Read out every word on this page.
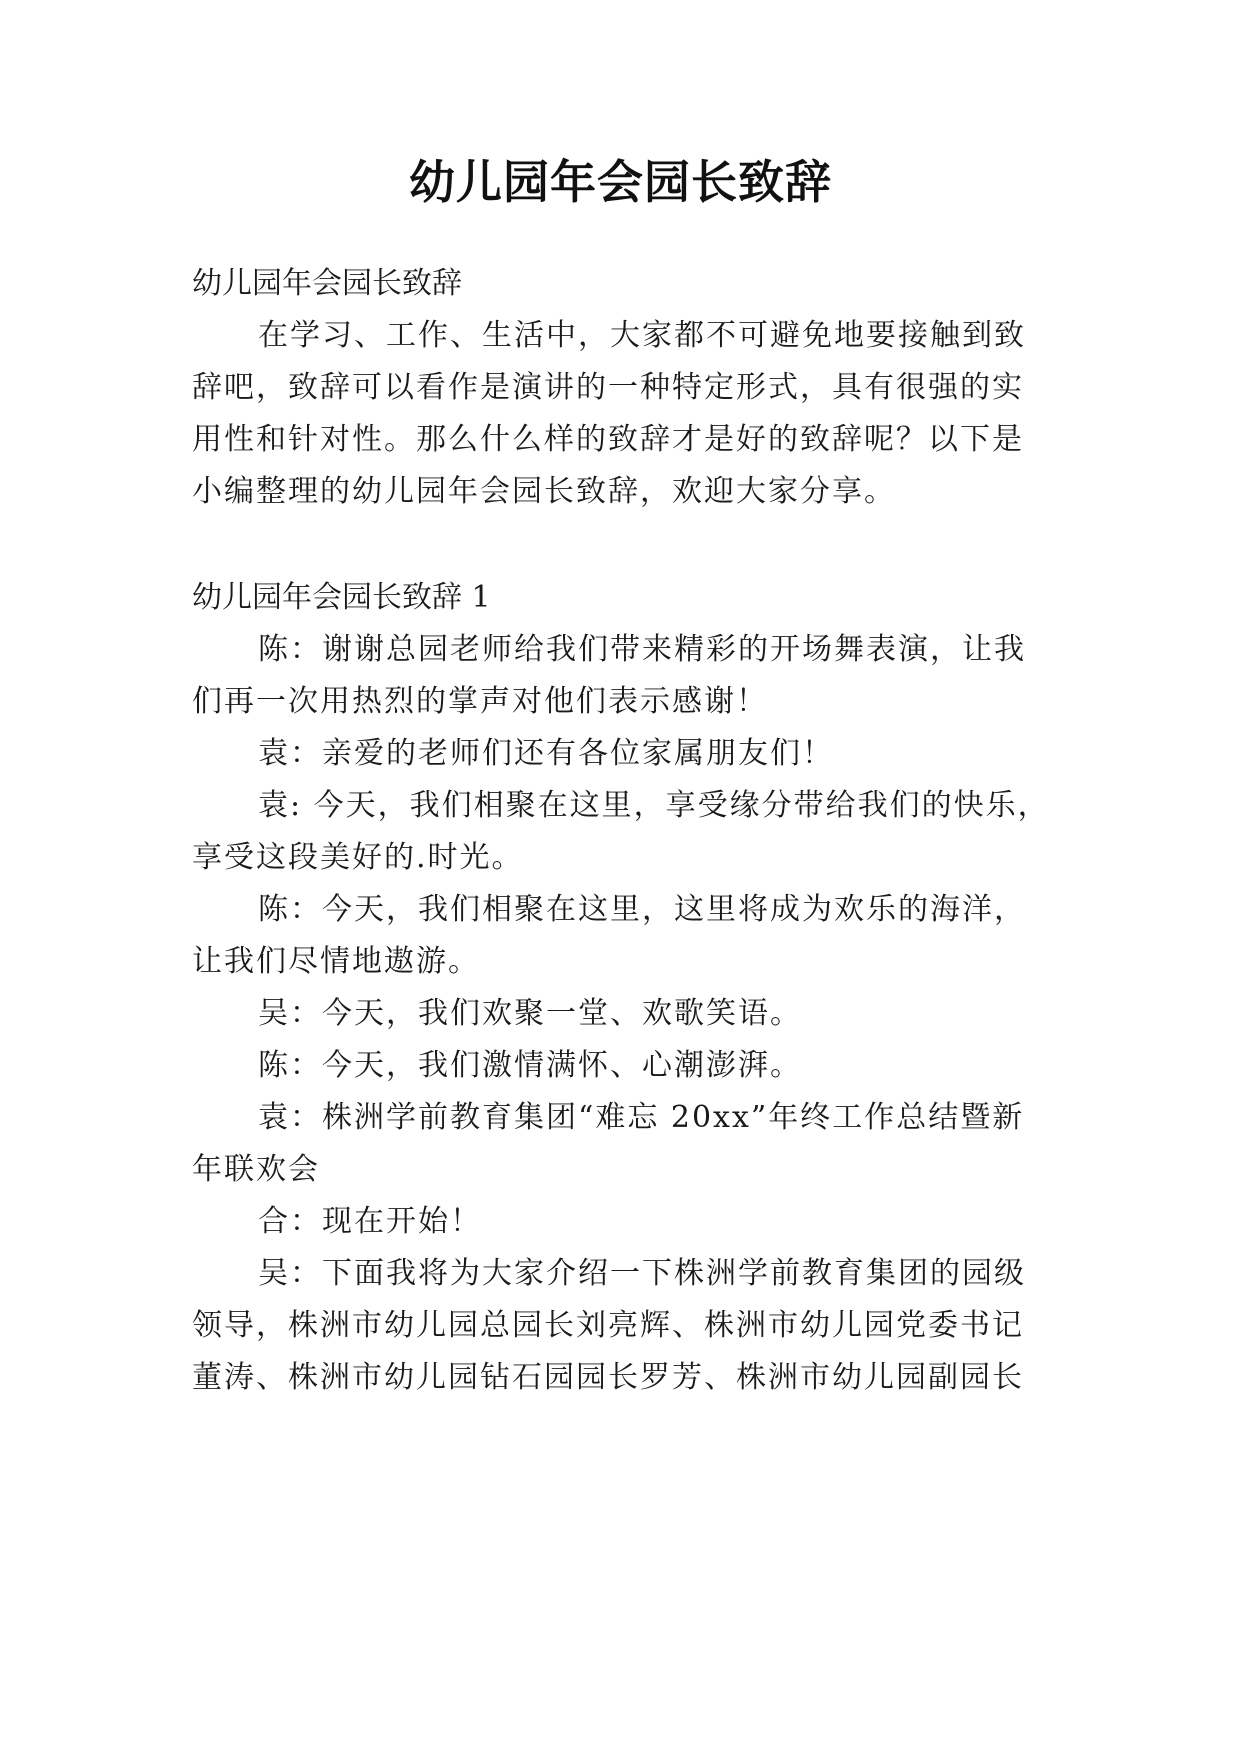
幼儿园年会园长致辞

幼儿园年会园长致辞

在学习、工作、生活中，大家都不可避免地要接触到致

辞吧，致辞可以看作是演讲的一种特定形式，具有很强的实

用性和针对性。那么什么样的致辞才是好的致辞呢？以下是

小编整理的幼儿园年会园长致辞，欢迎大家分享。

幼儿园年会园长致辞 1

陈：谢谢总园老师给我们带来精彩的开场舞表演，让我

们再一次用热烈的掌声对他们表示感谢！

袁：亲爱的老师们还有各位家属朋友们！

袁: 今天，我们相聚在这里，享受缘分带给我们的快乐，

享受这段美好的.时光。

陈：今天，我们相聚在这里，这里将成为欢乐的海洋，

让我们尽情地遨游。

吴：今天，我们欢聚一堂、欢歌笑语。

陈：今天，我们激情满怀、心潮澎湃。

袁：株洲学前教育集团“难忘 20xx”年终工作总结暨新

年联欢会

合：现在开始！

吴：下面我将为大家介绍一下株洲学前教育集团的园级

领导，株洲市幼儿园总园长刘亮辉、株洲市幼儿园党委书记

董涛、株洲市幼儿园钻石园园长罗芳、株洲市幼儿园副园长
